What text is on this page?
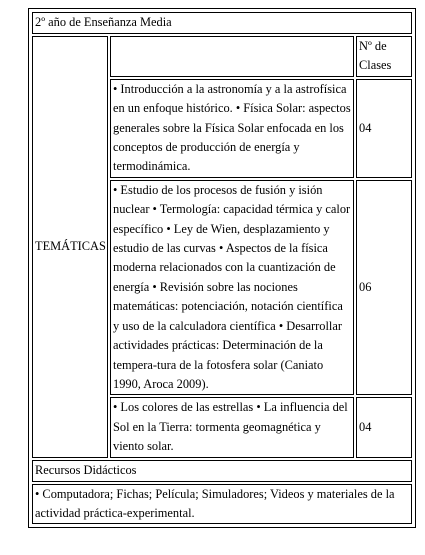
2º año de Enseñanza Media		
TEMÁTICAS		Nº de Clases
	• Introducción a la astronomía y a la astrofísica en un enfoque histórico. • Física Solar: aspectos generales sobre la Física Solar enfocada en los conceptos de producción de energía y termodinámica.	04
	• Estudio de los procesos de fusión y isión nuclear • Termología: capacidad térmica y calor específico • Ley de Wien, desplazamiento y estudio de las curvas • Aspectos de la física moderna relacionados con la cuantización de energía • Revisión sobre las nociones matemáticas: potenciación, notación científica y uso de la calculadora científica • Desarrollar actividades prácticas: Determinación de la tempera-tura de la fotosfera solar (Caniato 1990, Aroca 2009).	06
	• Los colores de las estrellas • La influencia del Sol en la Tierra: tormenta geomagnética y viento solar.	04
Recursos Didácticos		
• Computadora; Fichas; Película; Simuladores; Videos y materiales de la actividad práctica-experimental.		
